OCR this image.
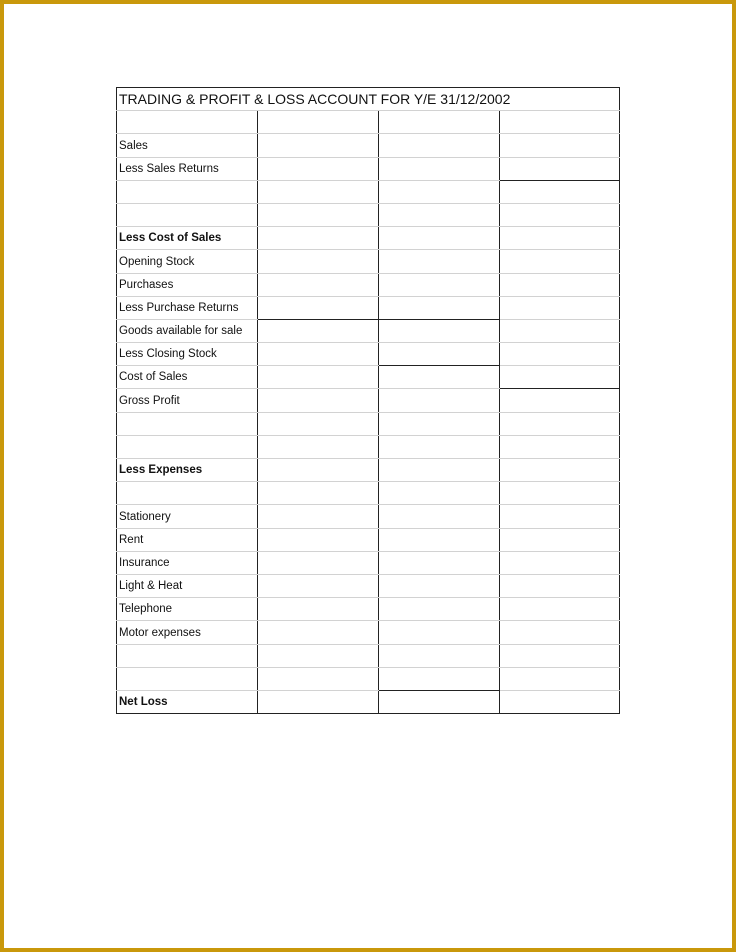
TRADING & PROFIT & LOSS ACCOUNT FOR Y/E 31/12/2002			

Sales			
Less Sales Returns			

Less Cost of Sales			
Opening Stock			
Purchases			
Less Purchase Returns			
Goods available for sale			
Less Closing Stock			
Cost of Sales			
Gross Profit			

Less Expenses			

Stationery			
Rent			
Insurance			
Light & Heat			
Telephone			
Motor expenses			

Net Loss			
